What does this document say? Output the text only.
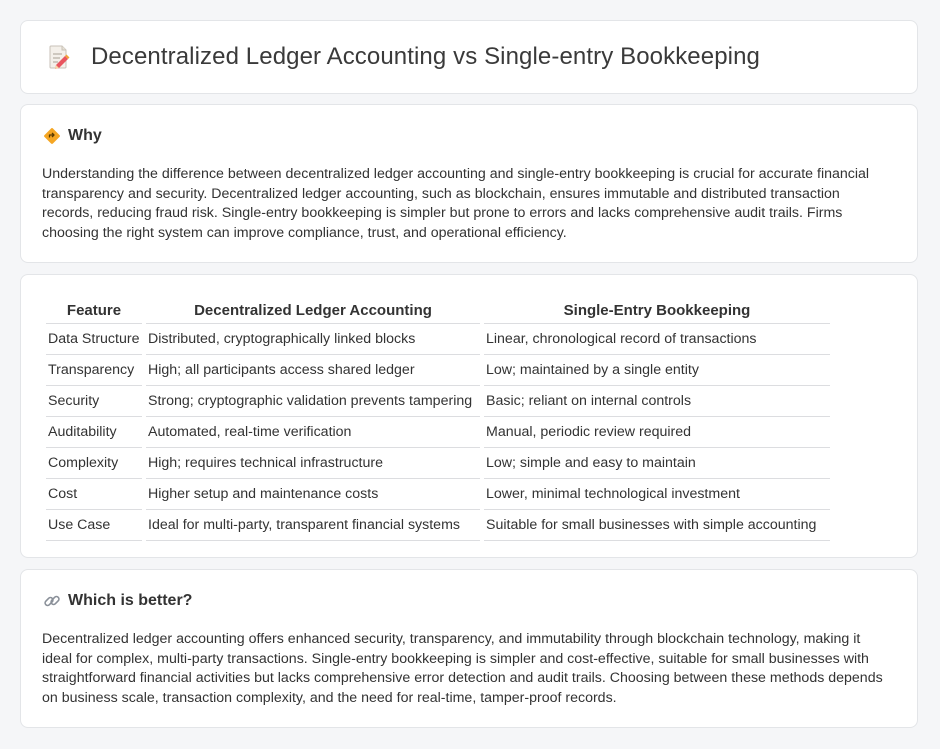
Decentralized Ledger Accounting vs Single-entry Bookkeeping
Why

Understanding the difference between decentralized ledger accounting and single-entry bookkeeping is crucial for accurate financial transparency and security. Decentralized ledger accounting, such as blockchain, ensures immutable and distributed transaction records, reducing fraud risk. Single-entry bookkeeping is simpler but prone to errors and lacks comprehensive audit trails. Firms choosing the right system can improve compliance, trust, and operational efficiency.

Feature	Decentralized Ledger Accounting	Single-Entry Bookkeeping
Data Structure	Distributed, cryptographically linked blocks	Linear, chronological record of transactions
Transparency	High; all participants access shared ledger	Low; maintained by a single entity
Security	Strong; cryptographic validation prevents tampering	Basic; reliant on internal controls
Auditability	Automated, real-time verification	Manual, periodic review required
Complexity	High; requires technical infrastructure	Low; simple and easy to maintain
Cost	Higher setup and maintenance costs	Lower, minimal technological investment
Use Case	Ideal for multi-party, transparent financial systems	Suitable for small businesses with simple accounting
Which is better?

Decentralized ledger accounting offers enhanced security, transparency, and immutability through blockchain technology, making it ideal for complex, multi-party transactions. Single-entry bookkeeping is simpler and cost-effective, suitable for small businesses with straightforward financial activities but lacks comprehensive error detection and audit trails. Choosing between these methods depends on business scale, transaction complexity, and the need for real-time, tamper-proof records.
